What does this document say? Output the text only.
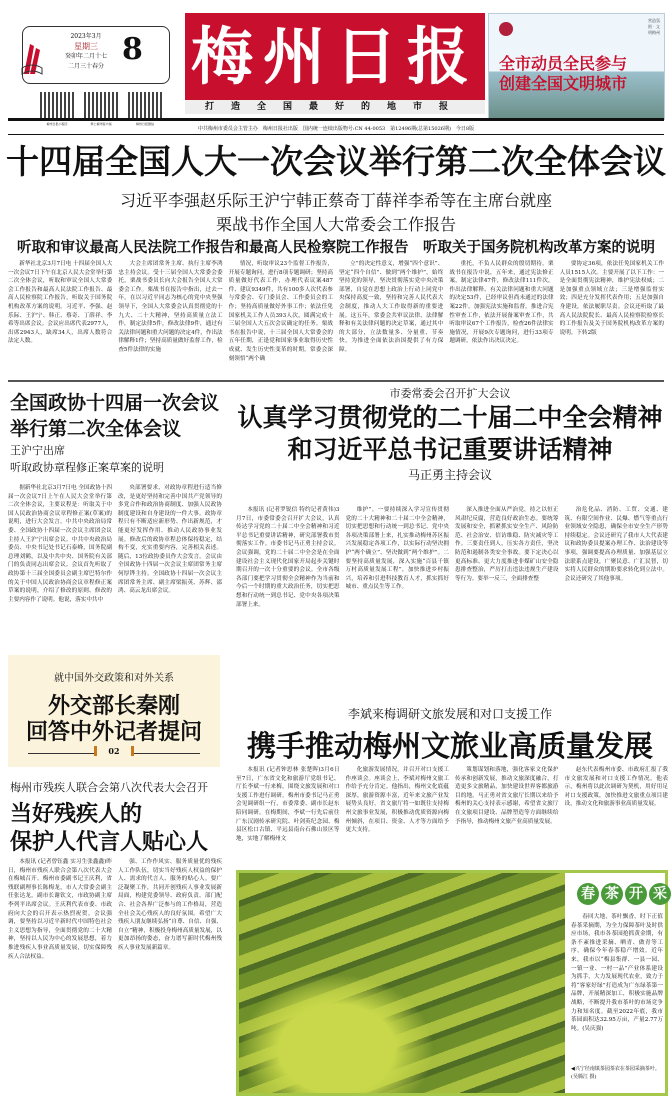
2023年3月
星期三
癸卯年二月十七
二月三十春分 8
梅州日报小程序	掌上梅州客户端	梅州日报微信
梅州日报
打造全国最好的地市报
全市动员全民参与
创建全国文明城市
营造氛围 · 文明梅州
中共梅州市委员会主管主办　梅州日报社出版　国内统一连续出版物号:CN 44-0053　第12496期(总第15026期)　今日8版
十四届全国人大一次会议举行第二次全体会议
习近平李强赵乐际王沪宁韩正蔡奇丁薛祥李希等在主席台就座
栗战书作全国人大常委会工作报告
听取和审议最高人民法院工作报告和最高人民检察院工作报告　听取关于国务院机构改革方案的说明

新华社北京3月7日电 十四届全国人大一次会议7日下午在北京人民大会堂举行第二次全体会议，听取和审议全国人大常委会工作报告和最高人民法院工作报告、最高人民检察院工作报告，听取关于国务院机构改革方案的说明。习近平、李强、赵乐际、王沪宁、韩正、蔡奇、丁薛祥、李希等出席会议。会议应出席代表2977人，出席2943人，缺席34人，出席人数符合法定人数。

大会主席团常务主席、执行主席李鸿忠主持会议。受十三届全国人大常委会委托，栗战书委员长向大会报告全国人大常委会工作。栗战书在报告中指出，过去一年，在以习近平同志为核心的党中央坚强领导下，全国人大常委会认真贯彻党的十九大、二十大精神，坚持高质量立法工作，制定法律5件，修改法律9件，通过有关法律问题和重大问题的决定4件，作出法律解释1件；坚持高质量做好监督工作，检查5件法律的实施

情况，听取审议23个监督工作报告，开展专题询问，进行8项专题调研；坚持高质量做好代表工作，办理代表议案487件、建议9349件，共有100多人次代表参与常委会、专门委员会、工作委员会的工作；坚持高质量做好外事工作；依法任免国家机关工作人员393人次，圆满完成十三届全国人大五次会议确定的任务。栗战书在报告中说，十三届全国人大常委会的五年任期，正逢党和国家事业取得历史性成就、发生历史性变革的时期。常委会深刻领悟“两个确

立”的决定性意义，增强“四个意识”、坚定“四个自信”、做到“两个维护”，始终坚持党的领导，坚决贯彻落实党中央决策部署，自觉在思想上政治上行动上同党中央保持高度一致，坚持和完善人民代表大会制度，推动人大工作取得新的重要进展。这五年，常委会共审议法律、法律解释和有关法律问题的决定草案，通过其中的大部分，立法数量多、分量重、节奏快，为推进全面依法治国提供了有力保障。

重托，不负人民群众的殷切期待。栗战书在报告中说，五年来，通过宪法修正案，制定法律47件，修改法律111件次，作出法律解释、有关法律问题和重大问题的决定53件，已经审议但尚未通过的法律案22件。加强宪法实施和监督，推进合宪性审查工作，依法开展备案审查工作，共听取审议67个工作报告，检查26件法律实施情况，开展9次专题询问，进行33项专题调研，依法作出决议决定。

要协定36项，依法任免国家机关工作人员1515人次。主要开展了以下工作：一是全面贯彻宪法精神，维护宪法权威；二是加强重点领域立法；三是增强监督实效；四是充分发挥代表作用；五是加强自身建设，依法履职尽责。会议还听取了最高人民法院院长、最高人民检察院检察长的工作报告及关于国务院机构改革方案的说明。下转2版

全国政协十四届一次会议
举行第二次全体会议
王沪宁出席
听取政协章程修正案草案的说明

据新华社北京3月7日电 全国政协十四届一次会议7日上午在人民大会堂举行第二次全体会议，主要议程是：听取关于中国人民政治协商会议章程修正案(草案)的说明，进行大会发言。中共中央政治局常委、全国政协十四届一次会议主席团会议主持人王沪宁出席会议。中共中央政治局委员、中央书记处书记石泰峰，国务院副总理刘鹤，以及中共中央、国务院有关部门的负责同志出席会议。会议首先听取了政协第十三届全国委员会副主席巴特尔作的关于中国人民政治协商会议章程修正案草案的说明，介绍了修改的原则、修改的主要内容作了说明。他说，落实中共中

央部署要求，对政协章程进行适当修改，是更好坚持和完善中国共产党领导的多党合作和政治协商制度、加强人民政协制度建设和自身建设的一件大事。政协章程只有不断适应新形势、作出新规范，才能更好发挥作用、推动人民政协事业发展。修改后的政协章程总体保持稳定，结构不变，充实重要内容，完善相关表述。随后，13位政协委员作大会发言。会议由全国政协十四届一次会议主席团常务主席何厚铧主持。全国政协十四届一次会议主席团常务主席、副主席梁振英、苏辉、邵鸿、高云龙出席会议。

就中国外交政策和对外关系
外交部长秦刚
回答中外记者提问
02
梅州市残疾人联合会第八次代表大会召开
当好残疾人的
保护人代言人贴心人

本报讯 (记者曾钰鑫 实习生张鑫鑫)昨日，梅州市残疾人联合会第八次代表大会在梅城召开。梅州市委副书记王庆利，省残联副理事长陈梅龙，市人大常委会副主任张达龙，副市长谢钦文，市政协副主席李列平出席会议。王庆利代表市委、市政府向大会的召开表示热烈祝贺。会议强调，要坚持以习近平新时代中国特色社会主义思想为指导，全面贯彻党的二十大精神，坚持以人民为中心的发展思想，着力推进残疾人事业高质量发展，切实保障残疾人合法权益。

强、工作作风实、服务质量优的残疾人工作队伍，切实当好残疾人权益的保护人、需求的代言人、服务的贴心人。要广泛凝聚工作，共同开创残疾人事业发展新局面，构建党委领导、政府负责、部门配合、社会各界广泛参与的工作格局，营造全社会关心残疾人的良好氛围。希望广大残疾人朋友继续弘扬“自尊、自信、自强、自立”精神，积极投身梅州高质量发展，以更加昂扬的姿态，奋力谱写新时代梅州残疾人事业发展新篇章。

市委常委会召开扩大会议
认真学习贯彻党的二十届二中全会精神
和习近平总书记重要讲话精神
马正勇主持会议

本报讯 (记者罗锐信 特约记者黄伟)3月7日，市委常委会召开扩大会议，认真传达学习党的二十届二中全会精神和习近平总书记重要讲话精神，研究部署我市贯彻落实工作。市委书记马正勇主持会议。会议强调，党的二十届二中全会是在全面建设社会主义现代化国家开局起步关键时期召开的一次十分重要的会议。全市各级各部门要把学习贯彻全会精神作为当前和今后一个时期的重大政治任务，切实把思想和行动统一到总书记、党中央各项决策部署上来。

维护”。一要持续深入学习宣传贯彻党的二十大精神和二十届二中全会精神，切实把思想和行动统一到总书记、党中央各项决策部署上来，扎实推动梅州苏区振兴发展稳定各项工作，以实际行动坚决拥护“两个确立”、坚决做到“两个维护”。二要坚持高质量发展，深入实施“百县千镇万村高质量发展工程”，加快推进乡村振兴，培养和引进科技教育人才，抓实抓好城市、重点民生等工作。

深入推进全面从严治党，持之以恒正风肃纪反腐，营造良好政治生态。要统筹发展和安全，抓紧抓实安全生产、风险防范、社会治安、信访维稳、防灾减灾等工作。三要责任到人，压实各方责任，坚决防范和遏制各类安全事故。要下定决心以更高标准、更大力度推进非煤矿山安全隐患排查整治，严厉打击违法违规生产建设等行为。要举一反三，全面排查整

治危化品、消防、工贸、交通、建筑、有限空间作业、民爆、燃气等重点行业领域安全隐患，确保全市安全生产形势持续稳定。会议还研究了我市人大代表建议和政协委员提案办理工作、法治建设等事项，强调要提高办理质量、加强基层立法联系点建设，广聚民意、广汇民智，切实将人民群众的期盼要求转化到立法中。会议还研究了其他事项。

李斌来梅调研文旅发展和对口支援工作
携手推动梅州文旅业高质量发展

本报讯 (记者钟思林 张楚晖)3月6日至7日，广东省文化和旅游厅党组书记、厅长李斌一行来梅，围绕文旅发展和对口支援工作进行调研。梅州市委书记马正勇会见调研组一行，市委常委、副市长赵东陪同调研。在梅期间，李斌一行先后前往广东汉剧传承研究院、叶剑英纪念园、梅县区松口古镇、平远县南台石佛山景区等地，实地了解梅州文

化旅游发展情况，并召开对口支援工作座谈会。座谈会上，李斌对梅州文旅工作给予充分肯定。他指出，梅州文化底蕴深厚，旅游资源丰富，近年来文旅产业发展势头良好。省文旅厅将一如既往支持梅州文旅事业发展，积极推动优质资源向梅州倾斜，在项目、资金、人才等方面给予更大支持。

策划谋划和落地，强化客家文化保护传承和创新发展，推动文旅深度融合，打造更多文旅精品，加快建设世界客都旅游目的地。马正勇对省文旅厅长期以来给予梅州的关心支持表示感谢，希望省文旅厅在文旅项目建设、品牌塑造等方面继续给予指导，推动梅州文旅产业高质量发展。

赵东代表梅州市委、市政府汇报了我市文旅发展和对口支援工作情况。他表示，梅州将以此次调研为契机，用好用足对口支援政策，加快推进文旅重点项目建设，推动文化和旅游事业高质量发展。

春 茶 开 采
春回大地，茶叶飘香。时下正值春茶采摘期，为全力保障茶叶及时供应市场，我市各茶园抢抓黄金期，有条不紊推进采摘、晒青、做青等工序，确保今年春茶稳产增效。近年来，我市以“梅县集群、一县一园、一镇一业、一村一品”产业体系建设为抓手，大力发展现代农业，致力于将“客家好绿”打造成为广东绿茶第一品牌，开展精深加工，积极实施品牌战略，不断提升我市茶叶的市场竞争力和知名度。截至2022年底，我市茶园面积达32.95万亩，产量2.77万吨。(吴庆强)
◀兴宁径南镇茶园茶农在茶园采摘茶叶。(吴腾江 摄)
